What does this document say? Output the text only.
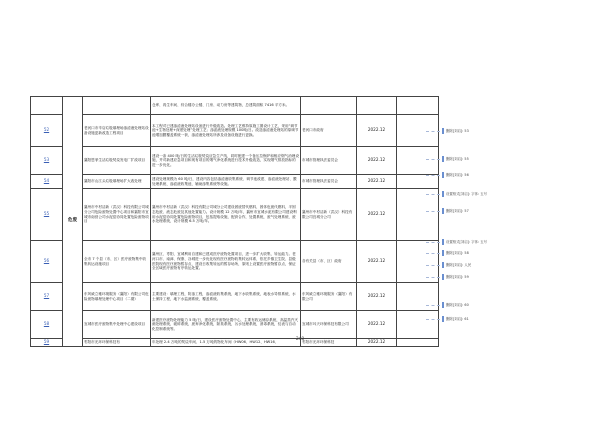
	危废		仓库、再生车间、综合楼办公楼、门房、动力房等建筑物，总建筑面积 7416 平方米。			
52		老河口市辛店垃圾填埋场渗滤液处理站设备设施更新改造工程项目	本工程对已建渗滤液处理站设备进行升级改造。处理工艺维持原施工图设计工艺，采用“调节池+生物处理+深度处理”处理工艺；渗滤液处理规模 100吨/日。改造渗滤液处理站的原调节池增加膜覆盖系统一套，渗滤液处理站所涉及设备设施进行更换。	老河口市政府	2022.12	
53		襄阳恩菲生活垃圾焚烧发电厂扩改项目	建设一条 400 吨/日的生活垃圾焚烧应急生产线，同时配建一个备压拉锅炉和相应烟气治理设施，并对新建应急项目和现有项目的烟气净化系统进行技术升级改造，实现烟气排放指标的进一步优化。	市城市管理执法委员会	2022.12	
54		襄阳市山江头垃圾填埋场扩大改处理	建设处理规模为 60 吨/日，建设内容包括渗滤液收集系统、调节池改建、渗滤液处理站、膜处理系统、渗滤液收集池、辅助渗集系统等设施。	市城市管理执法委员会	2022.12	
55		襄州市中材洁新（武汉）科技有限公司城分公司危险废物处置中心项目和襄阳市宜城市南营公司水泥窑协同处置危险废物项目	襄州市中材洁新（武汉）科技有限公司城分公司建设固废替代燃料，固体危废代燃料，半固态危废、液态危废及其他处置能力。设计规模 12 万吨/年，襄州市宜城水泥有限公司建设利用水泥窑协同处置危险废物项目，包括提取设施，配套合作，处置系统，废气处理系统、废水处理系统，设计规模 6.5 万吨/年。	襄州市中材洁新（武汉）科技有限公司宜城分公司	2022.12	
56		全市 7 个县（市、区）医疗废物集中收集转运设施项目	襄州区、枣阳、宜城利用自建和已建成医疗废物处置项目，进一步扩大收集、转运能力。老河口市、南漳、保康、谷城进一步优化现有医疗废物收集转运体系，依托乡镇卫生院、县级医院现有医疗废物暂存点，建设日收集转运的暂存场所，原则上设置医疗废物暂存点，保证全区域医疗废物有序转运处置。	各有关县（市、区）政府	2022.12	
57		东风威立雅环境服务（襄阳）有限公司危险废物填埋处理中心项目（二期）	主要建设：填埋工程，防渗工程，渗滤液收集系统，地下水收集系统，地表水导排系统，水土保持工程，地下水监测系统，覆盖系统。	东风威立雅环境服务（襄阳）有限公司	2022.12	
58		宜城市医疗废物集中处理中心建设项目	新建医疗废物处理能力 5 吨/日，建设医疗废物处置中心，主要有收运储存系统，高温蒸汽灭菌处理系统，破碎系统，废弃净化系统，除臭系统，污水处理系统，消毒系统，仪表与自动化控制系统等。	宜城市耳天环保科技有限公司	2022.12	
59		枣阳市光环环保科技有	年处理 2.4 万吨的焚烧车间、1.5 万吨的物化车间（HW06、HW12、HW16、	枣阳市光环环保科技	2022.12	
删除[刘启]: 53
删除[刘启]: 55
删除[刘启]: 56
设置格式[刘启]: 字体: 五号
删除[刘启]: 57
设置格式[刘启]: 字体: 五号
删除[刘启]: 58
删除[刘启]: 人民
删除[刘启]: 59
删除[刘启]: 60
删除[刘启]: 61
248
